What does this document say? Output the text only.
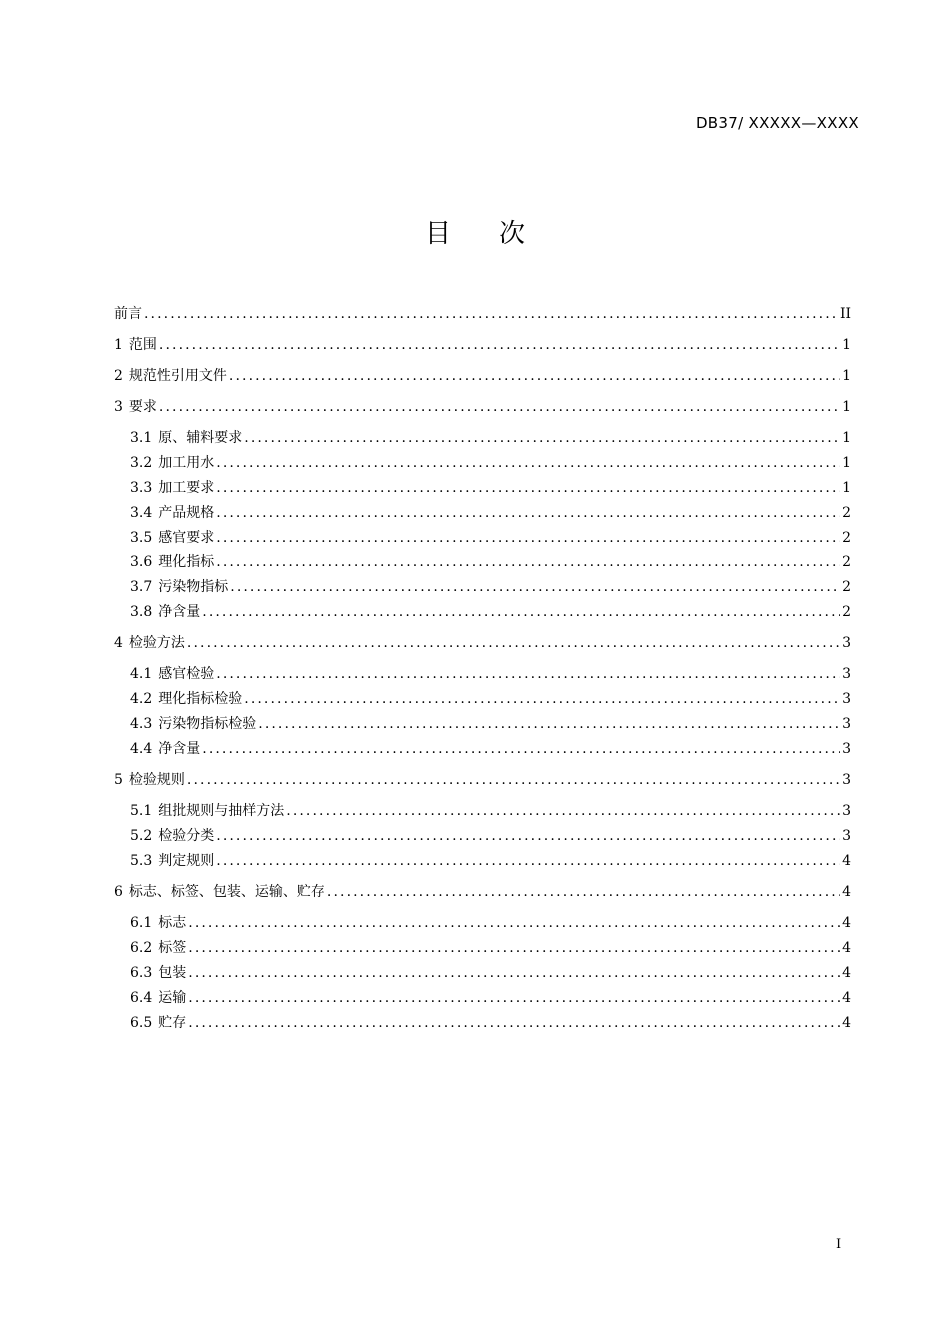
DB37/ XXXXX—XXXX
目 次
前言 .....	II
1 范围 .....	1
2 规范性引用文件 .....	1
3 要求 .....	1
3.1 原、辅料要求 .....	1
3.2 加工用水 .....	1
3.3 加工要求 .....	1
3.4 产品规格 .....	2
3.5 感官要求 .....	2
3.6 理化指标 .....	2
3.7 污染物指标 .....	2
3.8 净含量 .....	2
4 检验方法 .....	3
4.1 感官检验 .....	3
4.2 理化指标检验 .....	3
4.3 污染物指标检验 .....	3
4.4 净含量 .....	3
5 检验规则 .....	3
5.1 组批规则与抽样方法 .....	3
5.2 检验分类 .....	3
5.3 判定规则 .....	4
6 标志、标签、包装、运输、贮存 .....	4
6.1 标志 .....	4
6.2 标签 .....	4
6.3 包装 .....	4
6.4 运输 .....	4
6.5 贮存 .....	4
I
